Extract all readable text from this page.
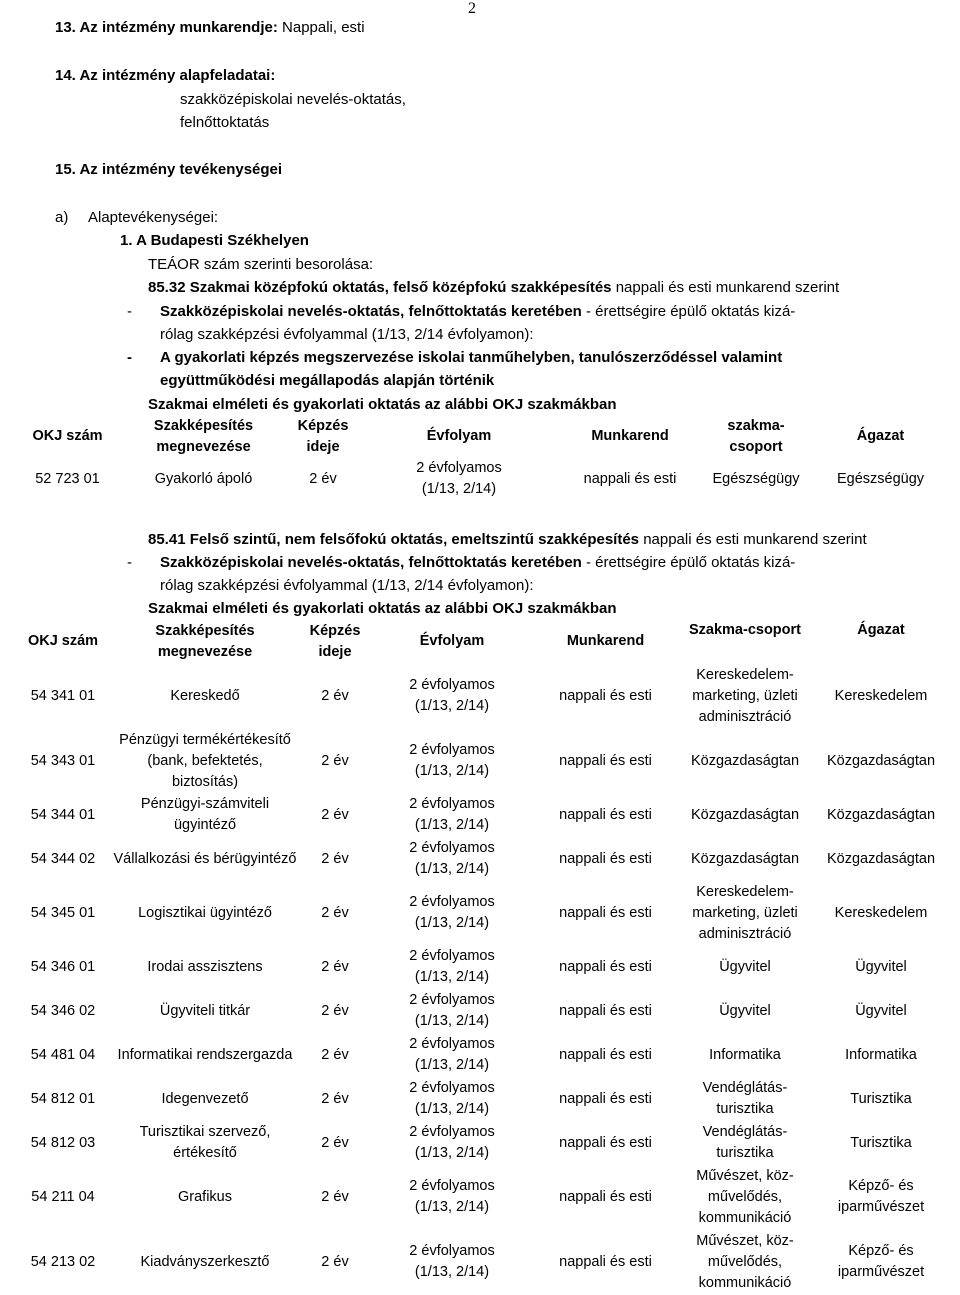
2
13. Az intézmény munkarendje: Nappali, esti
14. Az intézmény alapfeladatai:
szakközépiskolai nevelés-oktatás,
felnőttoktatás
15. Az intézmény tevékenységei
a) Alaptevékenységei:
1. A Budapesti Székhelyen
TEÁOR szám szerinti besorolása:
85.32 Szakmai középfokú oktatás, felső középfokú szakképesítés nappali és esti munkarend szerint
- Szakközépiskolai nevelés-oktatás, felnőttoktatás keretében - érettségire épülő oktatás kizá-
rólag szakképzési évfolyammal (1/13, 2/14 évfolyamon):
- A gyakorlati képzés megszervezése iskolai tanműhelyben, tanulószerződéssel valamint
együttműködési megállapodás alapján történik
Szakmai elméleti és gyakorlati oktatás az alábbi OKJ szakmákban
OKJ szám	Szakképesítés
megnevezése	Képzés
ideje	Évfolyam	Munkarend	szakma-
csoport	Ágazat
52 723 01	Gyakorló ápoló	2 év	2 évfolyamos
(1/13, 2/14)	nappali és esti	Egészségügy	Egészségügy
85.41 Felső szintű, nem felsőfokú oktatás, emeltszintű szakképesítés nappali és esti munkarend szerint
- Szakközépiskolai nevelés-oktatás, felnőttoktatás keretében - érettségire épülő oktatás kizá-
rólag szakképzési évfolyammal (1/13, 2/14 évfolyamon):
Szakmai elméleti és gyakorlati oktatás az alábbi OKJ szakmákban
OKJ szám	Szakképesítés
megnevezése	Képzés
ideje	Évfolyam	Munkarend	Szakma-csoport	Ágazat
54 341 01	Kereskedő	2 év	2 évfolyamos
(1/13, 2/14)	nappali és esti	Kereskedelem-
marketing, üzleti
adminisztráció	Kereskedelem
54 343 01	Pénzügyi termékértékesítő
(bank, befektetés,
biztosítás)	2 év	2 évfolyamos
(1/13, 2/14)	nappali és esti	Közgazdaságtan	Közgazdaságtan
54 344 01	Pénzügyi-számviteli
ügyintéző	2 év	2 évfolyamos
(1/13, 2/14)	nappali és esti	Közgazdaságtan	Közgazdaságtan
54 344 02	Vállalkozási és bérügyintéző	2 év	2 évfolyamos
(1/13, 2/14)	nappali és esti	Közgazdaságtan	Közgazdaságtan
54 345 01	Logisztikai ügyintéző	2 év	2 évfolyamos
(1/13, 2/14)	nappali és esti	Kereskedelem-
marketing, üzleti
adminisztráció	Kereskedelem
54 346 01	Irodai asszisztens	2 év	2 évfolyamos
(1/13, 2/14)	nappali és esti	Ügyvitel	Ügyvitel
54 346 02	Ügyviteli titkár	2 év	2 évfolyamos
(1/13, 2/14)	nappali és esti	Ügyvitel	Ügyvitel
54 481 04	Informatikai rendszergazda	2 év	2 évfolyamos
(1/13, 2/14)	nappali és esti	Informatika	Informatika
54 812 01	Idegenvezető	2 év	2 évfolyamos
(1/13, 2/14)	nappali és esti	Vendéglátás-
turisztika	Turisztika
54 812 03	Turisztikai szervező,
értékesítő	2 év	2 évfolyamos
(1/13, 2/14)	nappali és esti	Vendéglátás-
turisztika	Turisztika
54 211 04	Grafikus	2 év	2 évfolyamos
(1/13, 2/14)	nappali és esti	Művészet, köz-
művelődés,
kommunikáció	Képző- és
iparművészet
54 213 02	Kiadványszerkesztő	2 év	2 évfolyamos
(1/13, 2/14)	nappali és esti	Művészet, köz-
művelődés,
kommunikáció	Képző- és
iparművészet
